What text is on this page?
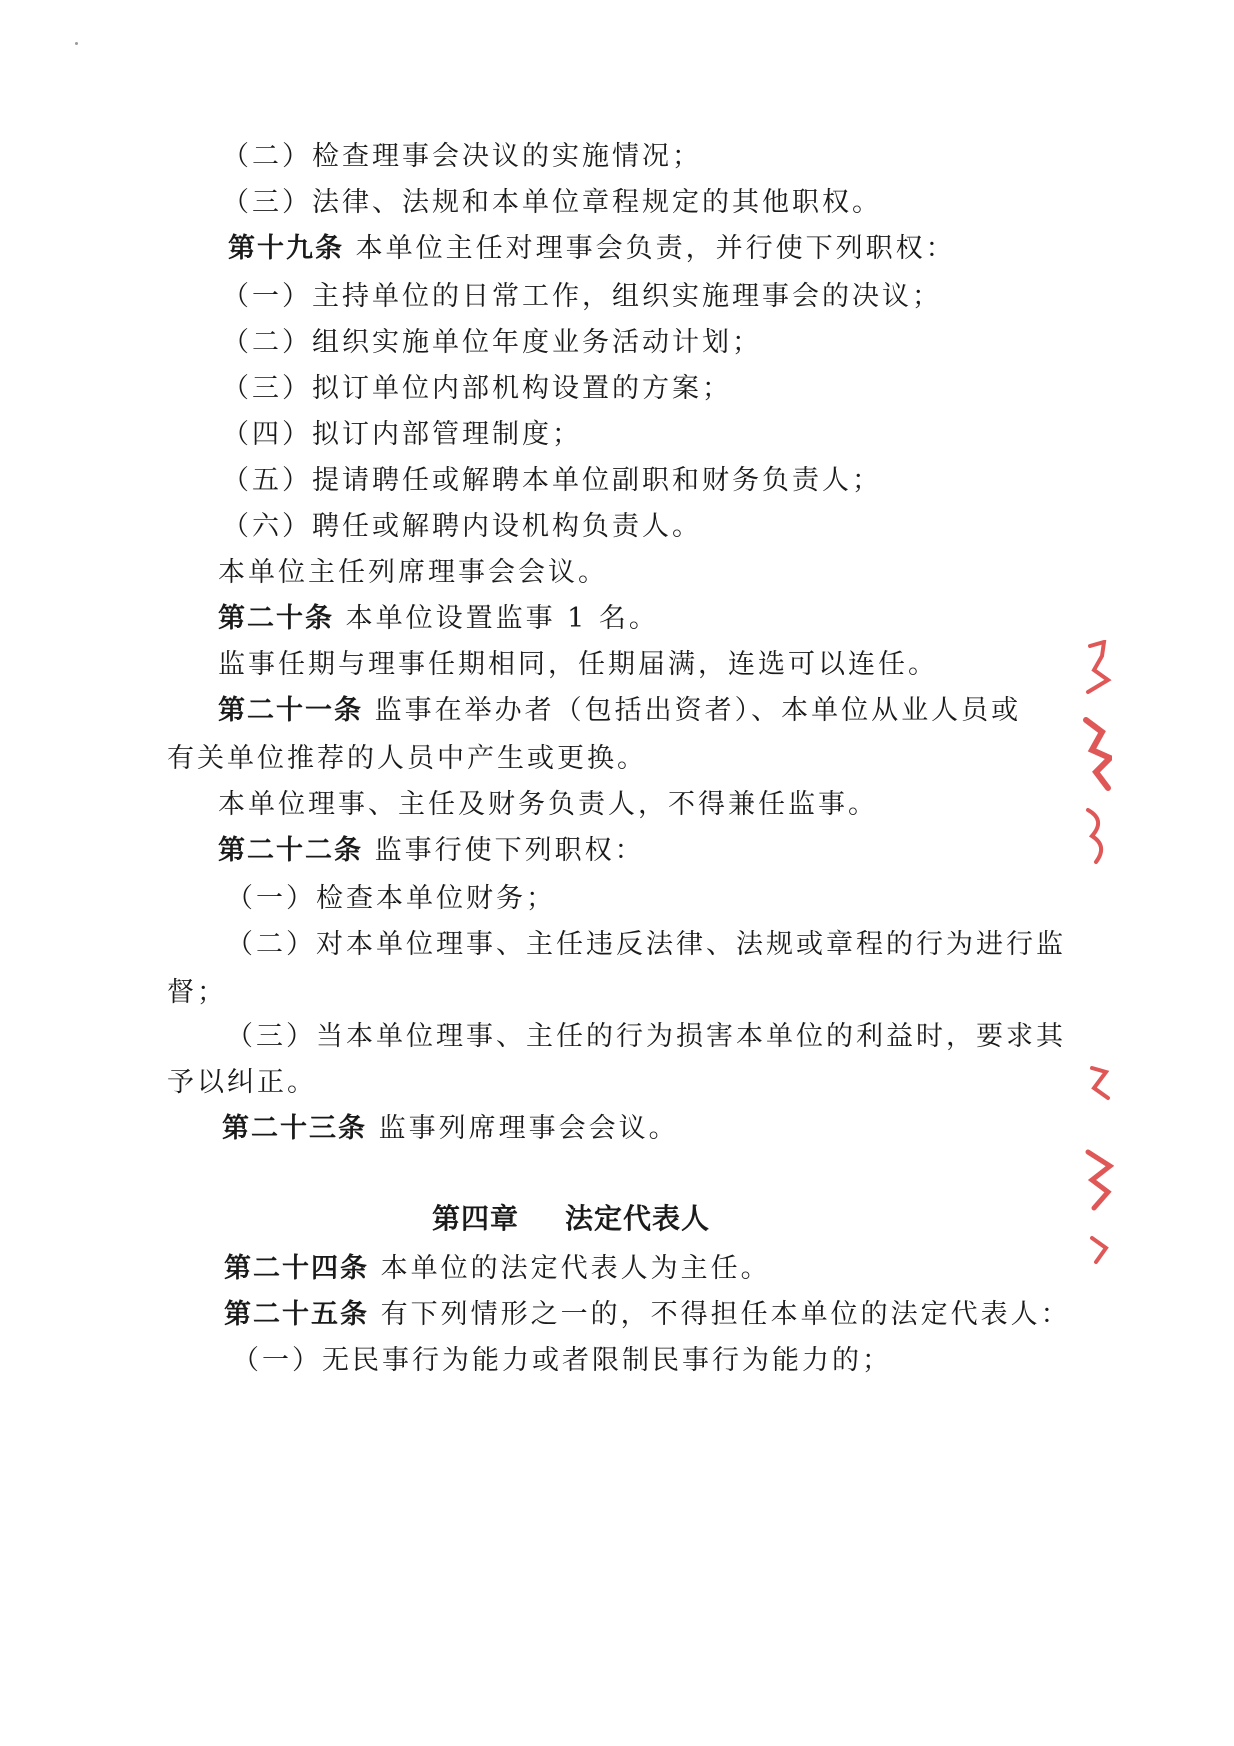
（二）检查理事会决议的实施情况；
（三）法律、法规和本单位章程规定的其他职权。
第十九条 本单位主任对理事会负责，并行使下列职权：
（一）主持单位的日常工作，组织实施理事会的决议；
（二）组织实施单位年度业务活动计划；
（三）拟订单位内部机构设置的方案；
（四）拟订内部管理制度；
（五）提请聘任或解聘本单位副职和财务负责人；
（六）聘任或解聘内设机构负责人。
本单位主任列席理事会会议。
第二十条 本单位设置监事 1 名。
监事任期与理事任期相同，任期届满，连选可以连任。
第二十一条 监事在举办者（包括出资者）、本单位从业人员或
有关单位推荐的人员中产生或更换。
本单位理事、主任及财务负责人，不得兼任监事。
第二十二条 监事行使下列职权：
（一）检查本单位财务；
（二）对本单位理事、主任违反法律、法规或章程的行为进行监
督；
（三）当本单位理事、主任的行为损害本单位的利益时，要求其
予以纠正。
第二十三条 监事列席理事会会议。
第四章 法定代表人
第二十四条 本单位的法定代表人为主任。
第二十五条 有下列情形之一的，不得担任本单位的法定代表人：
（一）无民事行为能力或者限制民事行为能力的；
